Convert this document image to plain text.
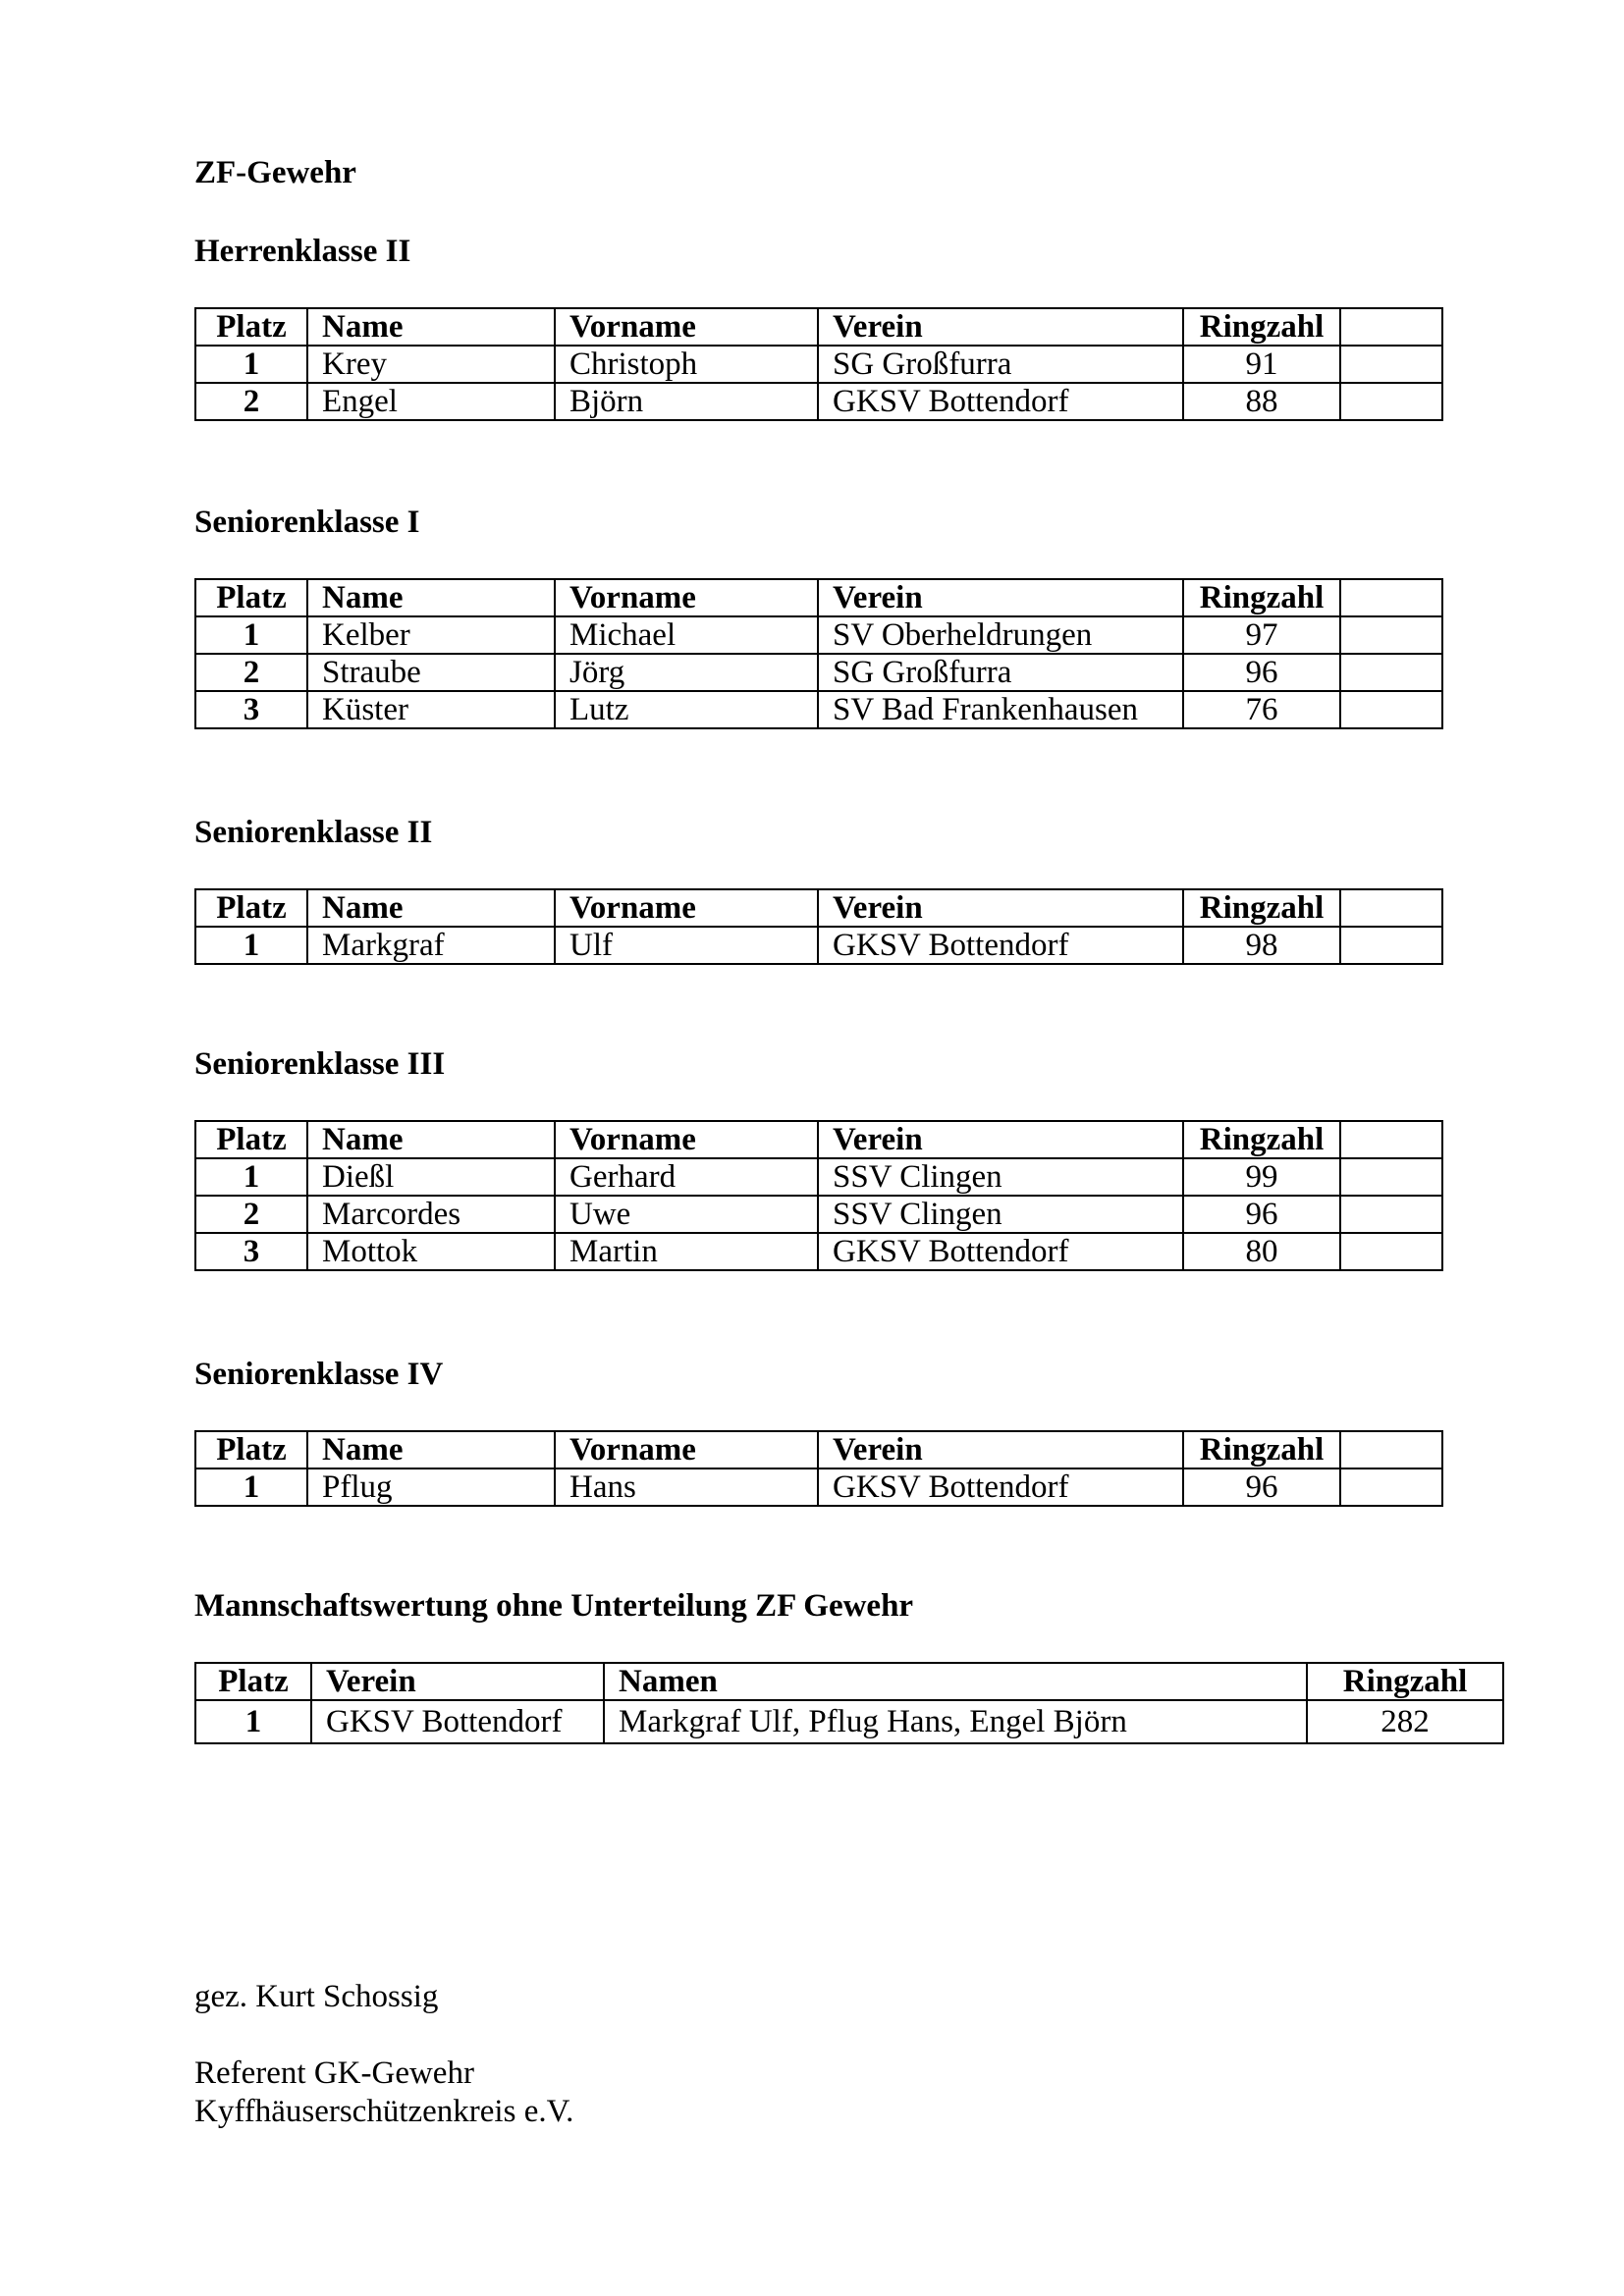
ZF-Gewehr
Herrenklasse II
Platz	Name	Vorname	Verein	Ringzahl	
1	Krey	Christoph	SG Großfurra	91	
2	Engel	Björn	GKSV Bottendorf	88	
Seniorenklasse I
Platz	Name	Vorname	Verein	Ringzahl	
1	Kelber	Michael	SV Oberheldrungen	97	
2	Straube	Jörg	SG Großfurra	96	
3	Küster	Lutz	SV Bad Frankenhausen	76	
Seniorenklasse II
Platz	Name	Vorname	Verein	Ringzahl	
1	Markgraf	Ulf	GKSV Bottendorf	98	
Seniorenklasse III
Platz	Name	Vorname	Verein	Ringzahl	
1	Dießl	Gerhard	SSV Clingen	99	
2	Marcordes	Uwe	SSV Clingen	96	
3	Mottok	Martin	GKSV Bottendorf	80	
Seniorenklasse IV
Platz	Name	Vorname	Verein	Ringzahl	
1	Pflug	Hans	GKSV Bottendorf	96	
Mannschaftswertung ohne Unterteilung ZF Gewehr
Platz	Verein	Namen	Ringzahl
1	GKSV Bottendorf	Markgraf Ulf, Pflug Hans, Engel Björn	282
gez. Kurt Schossig
Referent GK-Gewehr
Kyffhäuserschützenkreis e.V.
